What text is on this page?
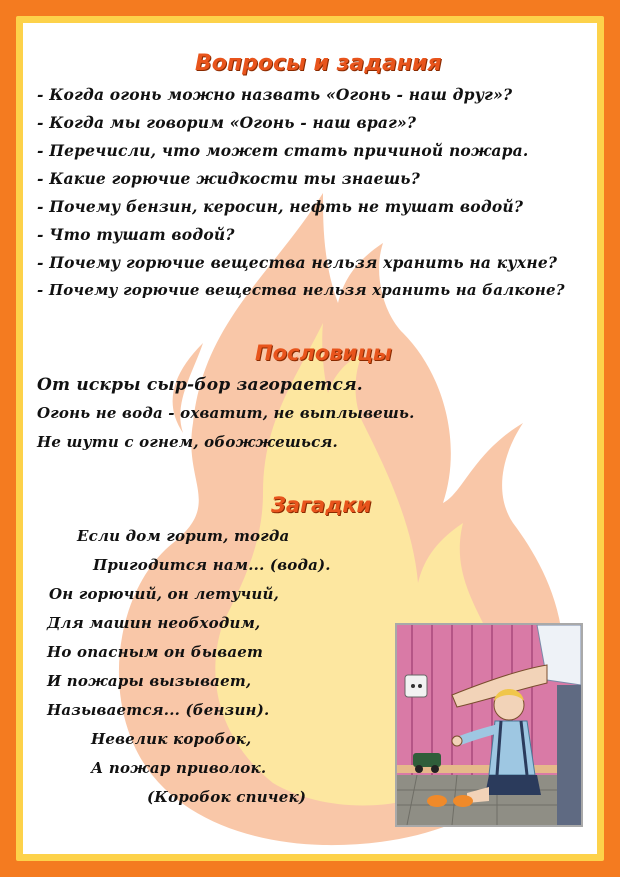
Вопросы и задания
- Когда огонь можно назвать «Огонь - наш друг»?
- Когда мы говорим «Огонь - наш враг»?
- Перечисли, что может стать причиной пожара.
- Какие горючие жидкости ты знаешь?
- Почему бензин, керосин, нефть не тушат водой?
- Что тушат водой?
- Почему горючие вещества нельзя хранить на кухне?
- Почему горючие вещества нельзя хранить на балконе?
Пословицы
От искры сыр-бор загорается.
Огонь не вода - охватит, не выплывешь.
Не шути с огнем, обожжешься.
Загадки
Если дом горит, тогда
Пригодится нам... (вода).
Он горючий, он летучий,
Для машин необходим,
Но опасным он бывает
И пожары вызывает,
Называется... (бензин).
Невелик коробок,
А пожар приволок.
(Коробок спичек)
